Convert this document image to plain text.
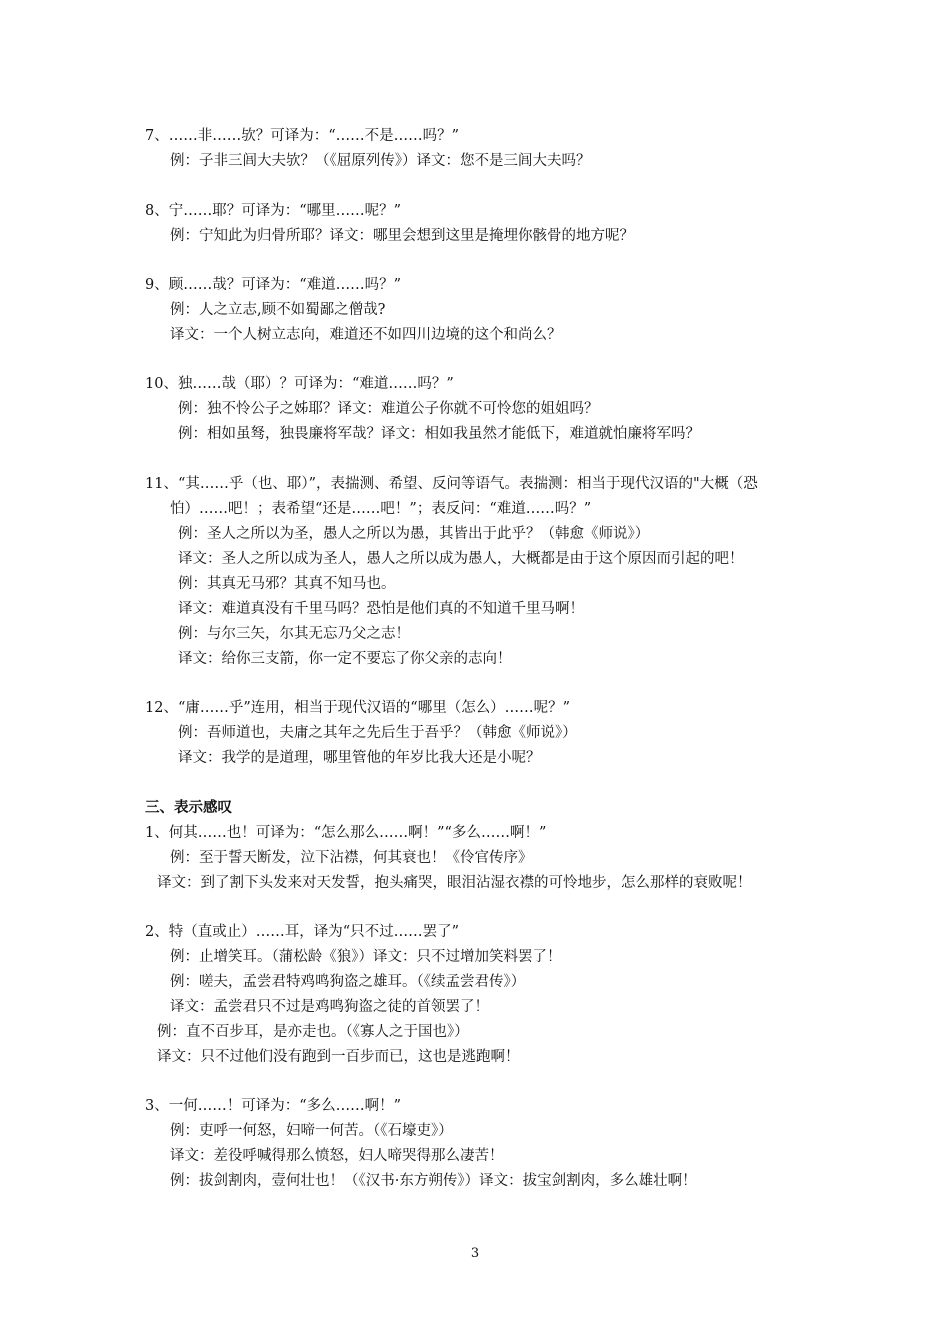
7、……非……欤？可译为：“……不是……吗？”
例：子非三闾大夫欤？（《屈原列传》）译文：您不是三闾大夫吗？
8、宁……耶？可译为：“哪里……呢？”
例：宁知此为归骨所耶？译文：哪里会想到这里是掩埋你骸骨的地方呢？
9、顾……哉？可译为：“难道……吗？”
例：人之立志,顾不如蜀鄙之僧哉?
译文：一个人树立志向，难道还不如四川边境的这个和尚么？
10、独……哉（耶）？可译为：“难道……吗？”
例：独不怜公子之姊耶？译文：难道公子你就不可怜您的姐姐吗？
例：相如虽驽，独畏廉将军哉？译文：相如我虽然才能低下，难道就怕廉将军吗？
11、“其……乎（也、耶）”，表揣测、希望、反问等语气。表揣测：相当于现代汉语的"大概（恐
怕）……吧！；表希望“还是……吧！”；表反问：“难道……吗？”
例：圣人之所以为圣，愚人之所以为愚，其皆出于此乎？（韩愈《师说》）
译文：圣人之所以成为圣人，愚人之所以成为愚人，大概都是由于这个原因而引起的吧！
例：其真无马邪？其真不知马也。
译文：难道真没有千里马吗？恐怕是他们真的不知道千里马啊！
例：与尔三矢，尔其无忘乃父之志！
译文：给你三支箭，你一定不要忘了你父亲的志向！
12、“庸……乎”连用，相当于现代汉语的“哪里（怎么）……呢？”
例：吾师道也，夫庸之其年之先后生于吾乎？（韩愈《师说》）
译文：我学的是道理，哪里管他的年岁比我大还是小呢？
三、表示感叹
1、何其……也！可译为：“怎么那么……啊！”“多么……啊！”
例：至于誓天断发，泣下沾襟，何其衰也！《伶官传序》
译文：到了割下头发来对天发誓，抱头痛哭，眼泪沾湿衣襟的可怜地步，怎么那样的衰败呢！
2、特（直或止）……耳，译为“只不过……罢了”
例：止增笑耳。（蒲松龄《狼》）译文：只不过增加笑料罢了！
例：嗟夫，孟尝君特鸡鸣狗盗之雄耳。（《续孟尝君传》）
译文：孟尝君只不过是鸡鸣狗盗之徒的首领罢了！
例：直不百步耳，是亦走也。（《寡人之于国也》）
译文：只不过他们没有跑到一百步而已，这也是逃跑啊！
3、一何……！可译为：“多么……啊！”
例：吏呼一何怒，妇啼一何苦。（《石壕吏》）
译文：差役呼喊得那么愤怒，妇人啼哭得那么凄苦！
例：拔剑割肉，壹何壮也！（《汉书·东方朔传》）译文：拔宝剑割肉，多么雄壮啊！
3
